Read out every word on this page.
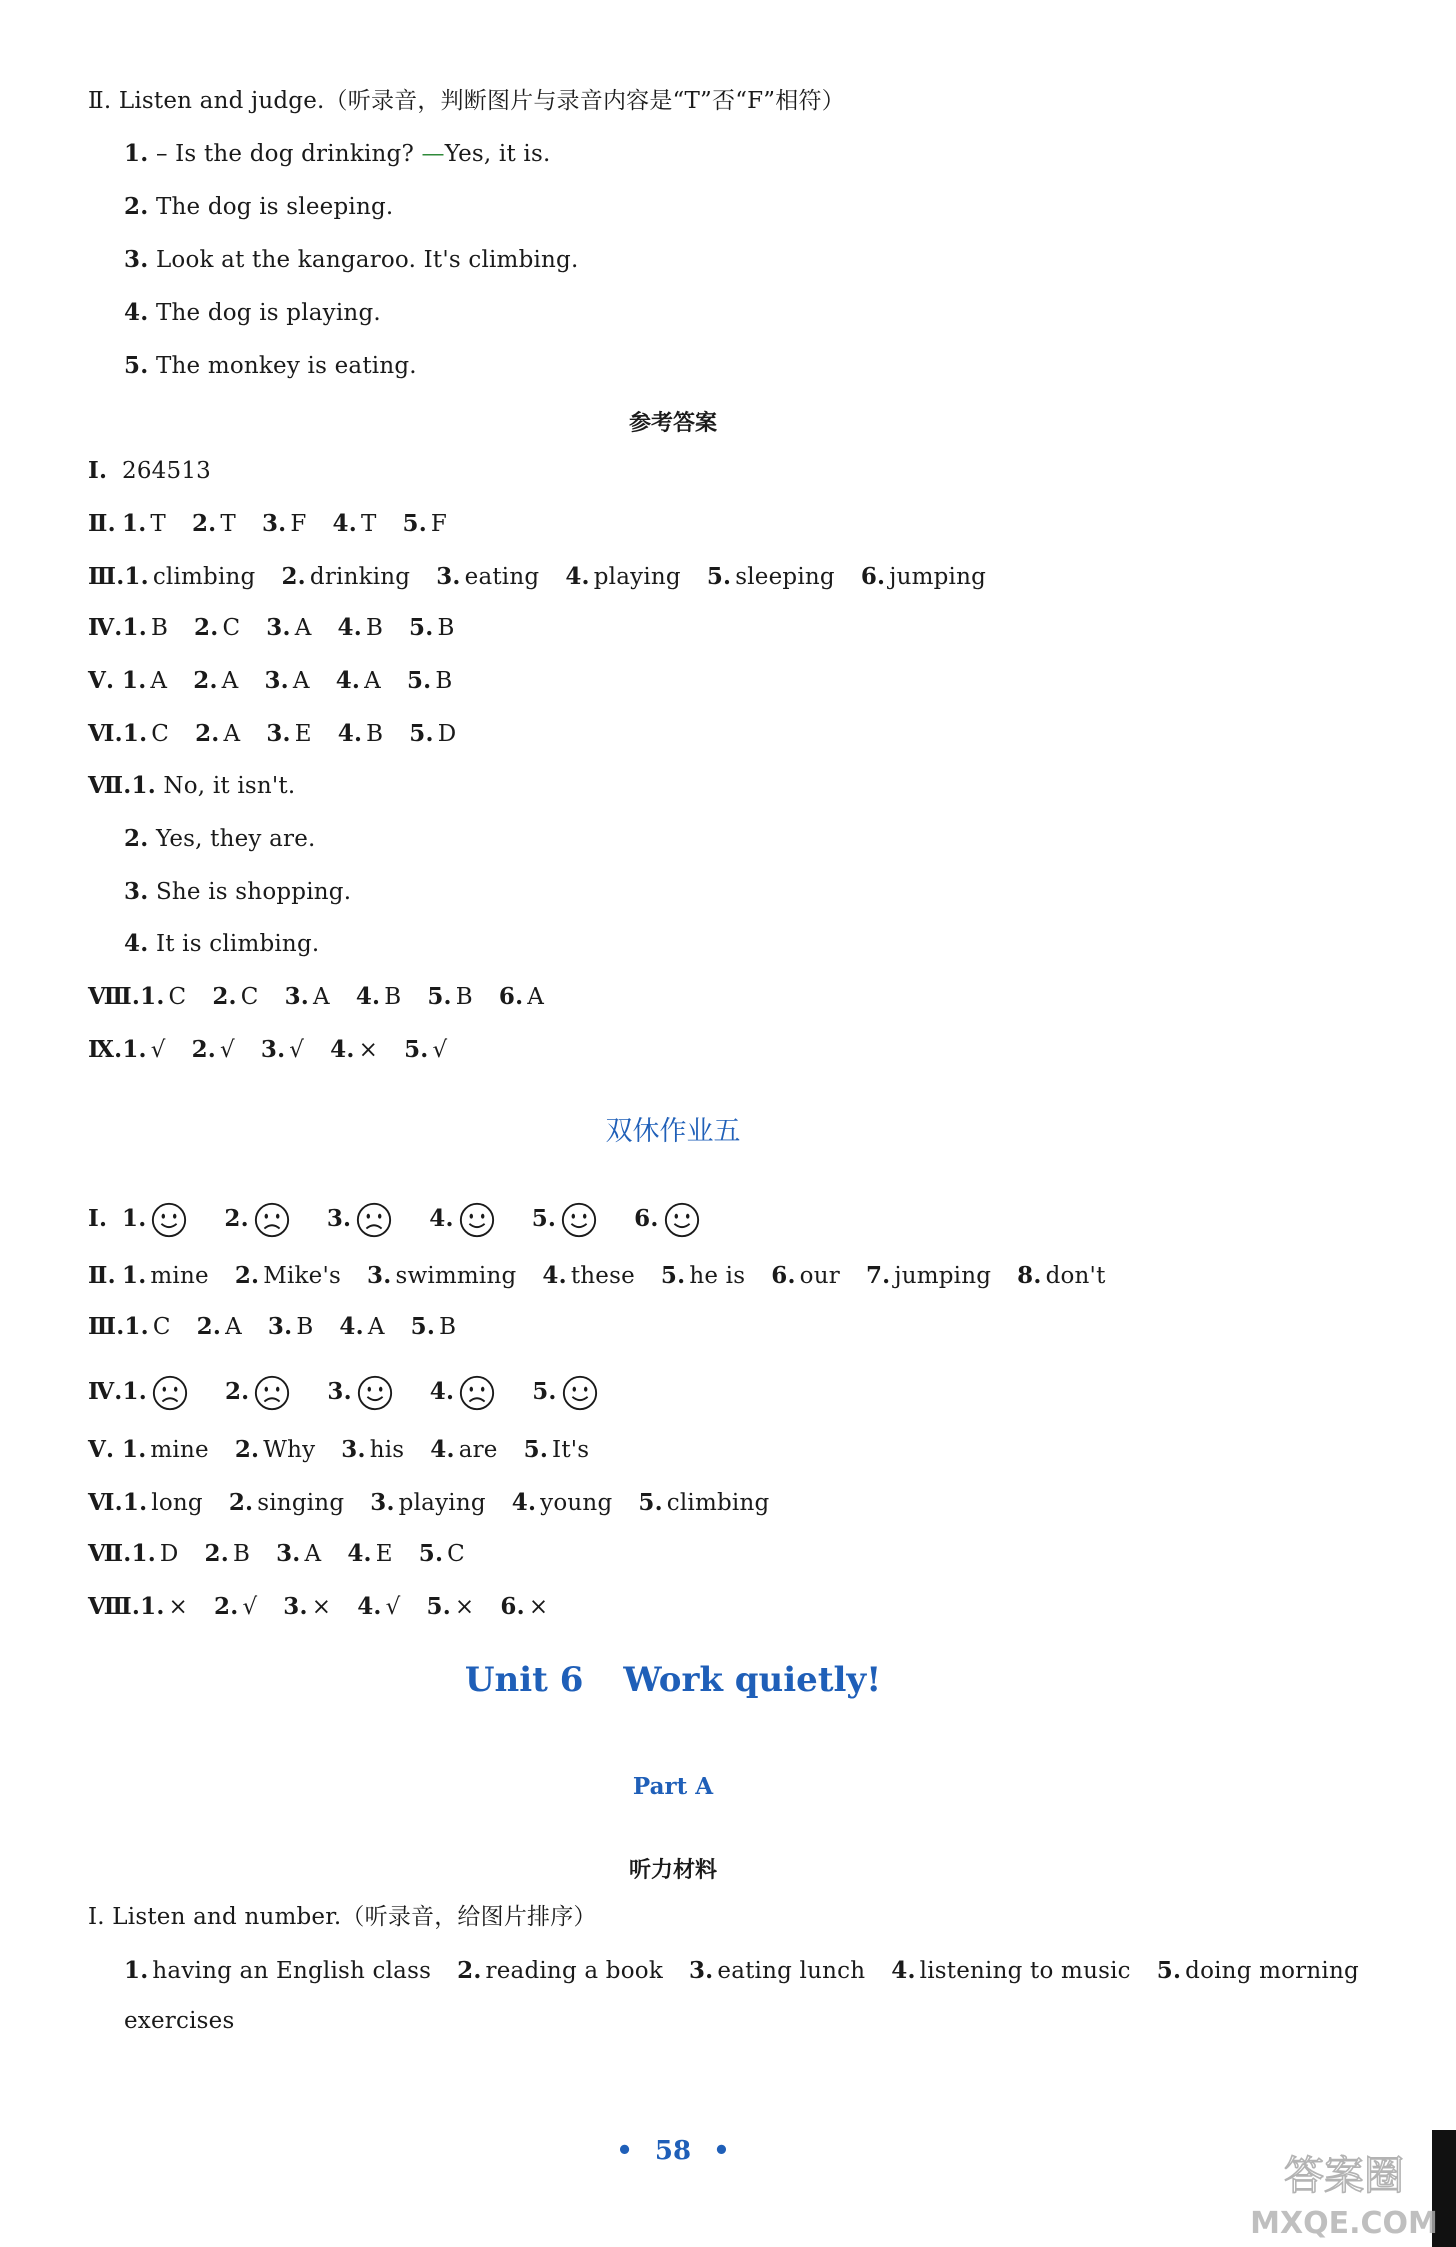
Ⅱ. Listen and judge.（听录音，判断图片与录音内容是“T”否“F”相符）
1. – Is the dog drinking? —Yes, it is.
2. The dog is sleeping.
3. Look at the kangaroo. It's climbing.
4. The dog is playing.
5. The monkey is eating.
参考答案
Ⅰ. 264513
Ⅱ. 1. T 2. T 3. F 4. T 5. F
Ⅲ.1. climbing 2. drinking 3. eating 4. playing 5. sleeping 6. jumping
Ⅳ.1. B 2. C 3. A 4. B 5. B
Ⅴ. 1. A 2. A 3. A 4. A 5. B
Ⅵ.1. C 2. A 3. E 4. B 5. D
Ⅶ.1. No, it isn't.
2. Yes, they are.
3. She is shopping.
4. It is climbing.
Ⅷ.1. C 2. C 3. A 4. B 5. B 6. A
Ⅸ.1. √ 2. √ 3. √ 4. × 5. √
双休作业五
Ⅰ. 1.	2.	3.	4.	5.	6.
Ⅱ. 1. mine 2. Mike's 3. swimming 4. these 5. he is 6. our 7. jumping 8. don't
Ⅲ.1. C 2. A 3. B 4. A 5. B
Ⅳ.1.	2.	3.	4.	5.
Ⅴ. 1. mine 2. Why 3. his 4. are 5. It's
Ⅵ.1. long 2. singing 3. playing 4. young 5. climbing
Ⅶ.1. D 2. B 3. A 4. E 5. C
Ⅷ.1. × 2. √ 3. × 4. √ 5. × 6. ×
Unit 6 Work quietly!
Part A
听力材料
Ⅰ. Listen and number.（听录音，给图片排序）
1. having an English class 2. reading a book 3. eating lunch 4. listening to music 5. doing morning
exercises
• 58 •
答案圈
MXQE.COM
